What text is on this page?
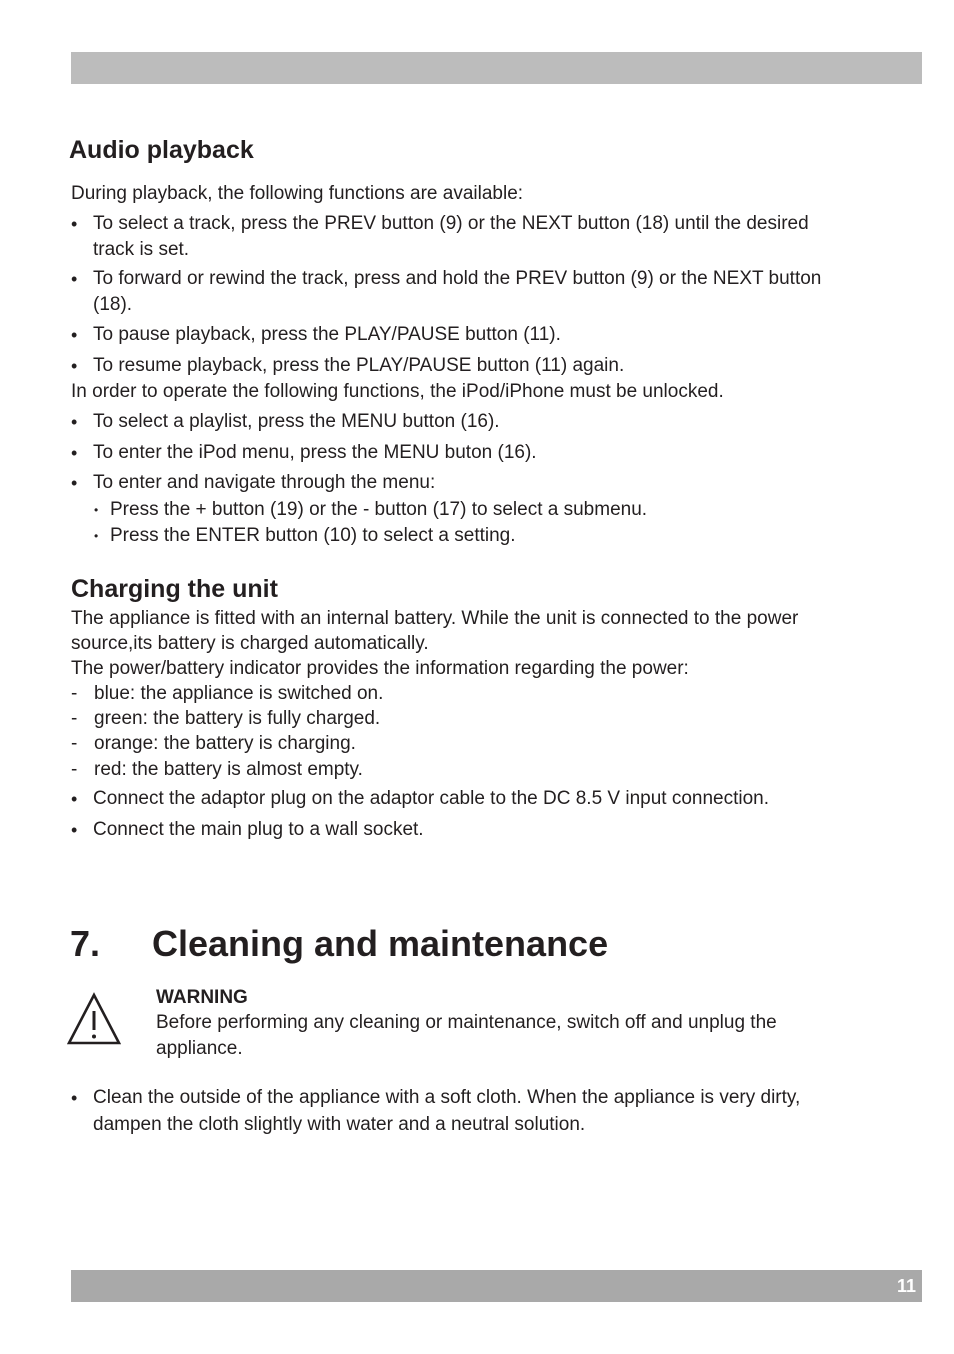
Audio playback
During playback, the following functions are available:
• To select a track, press the PREV button (9) or the NEXT button (18) until the desired
track is set.
• To forward or rewind the track, press and hold the PREV button (9) or the NEXT button
(18).
• To pause playback, press the PLAY/PAUSE button (11).
• To resume playback, press the PLAY/PAUSE button (11) again.
In order to operate the following functions, the iPod/iPhone must be unlocked.
• To select a playlist, press the MENU button (16).
• To enter the iPod menu, press the MENU buton (16).
• To enter and navigate through the menu:
• Press the + button (19) or the - button (17) to select a submenu.
• Press the ENTER button (10) to select a setting.
Charging the unit
The appliance is fitted with an internal battery. While the unit is connected to the power
source,its battery is charged automatically.
The power/battery indicator provides the information regarding the power:
- blue: the appliance is switched on.
- green: the battery is fully charged.
- orange: the battery is charging.
- red: the battery is almost empty.
• Connect the adaptor plug on the adaptor cable to the DC 8.5 V input connection.
• Connect the main plug to a wall socket.
7. Cleaning and maintenance
WARNING
Before performing any cleaning or maintenance, switch off and unplug the
appliance.
• Clean the outside of the appliance with a soft cloth. When the appliance is very dirty,
dampen the cloth slightly with water and a neutral solution.
11
